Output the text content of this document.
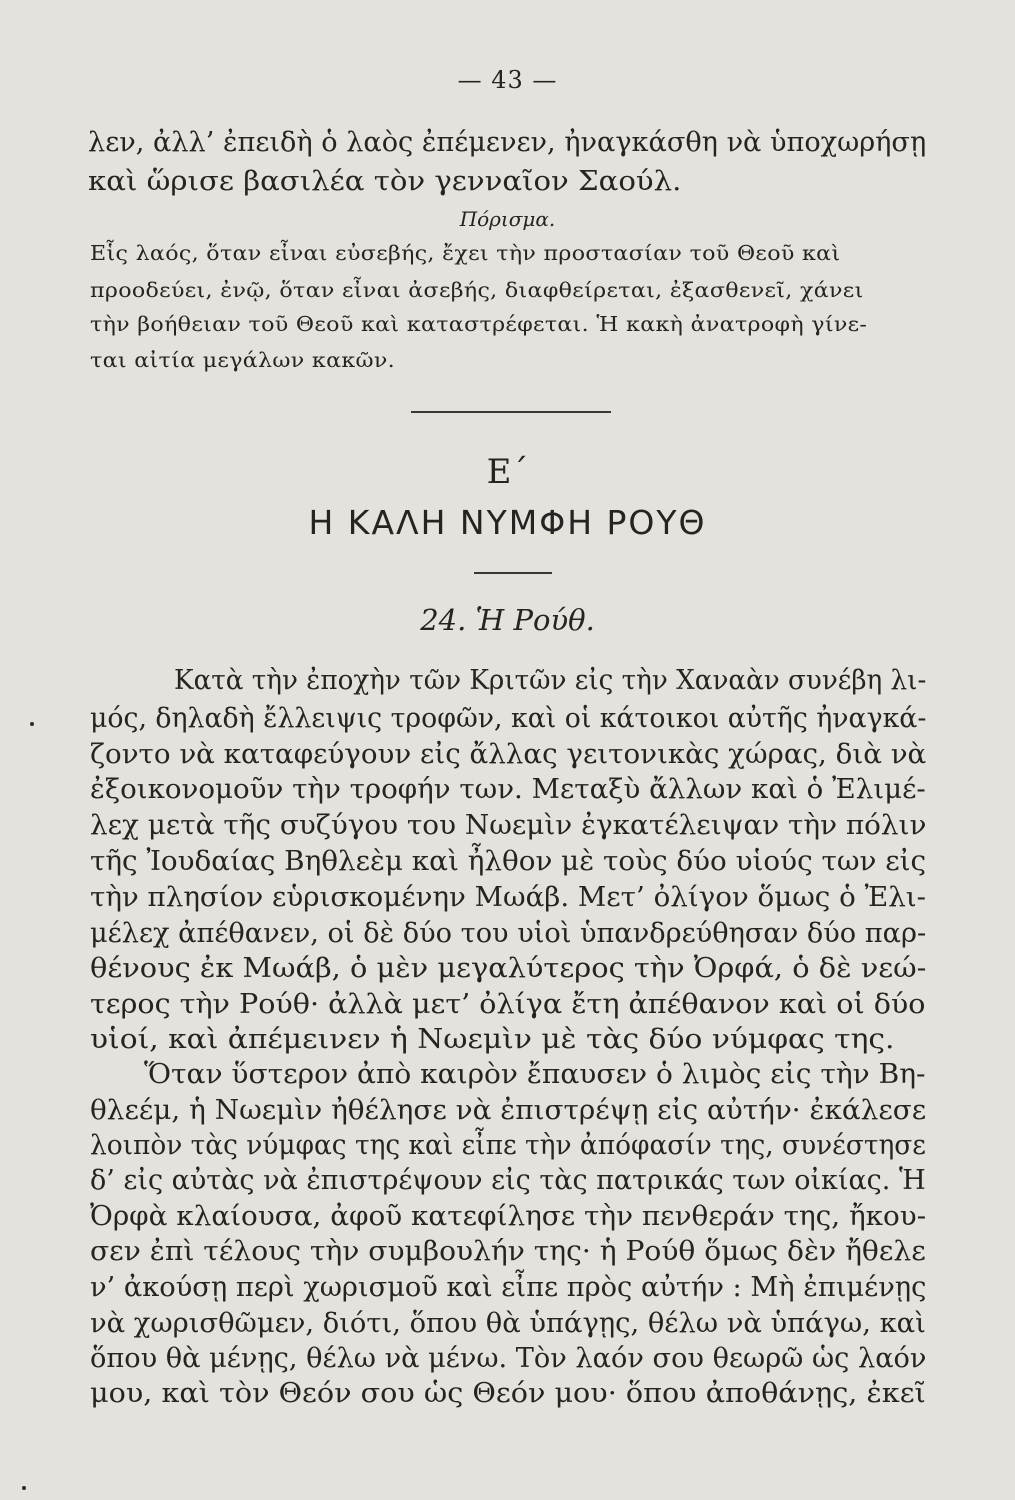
— 43 —
λεν, ἀλλ’ ἐπειδὴ ὁ λαὸς ἐπέμενεν, ἠναγκάσθη νὰ ὑποχωρήσῃ
καὶ ὥρισε βασιλέα τὸν γενναῖον Σαούλ.
Πόρισμα.
Εἷς λαός, ὅταν εἶναι εὐσεβής, ἔχει τὴν προστασίαν τοῦ Θεοῦ καὶ
προοδεύει, ἐνῷ, ὅταν εἶναι ἀσεβής, διαφθείρεται, ἐξασθενεῖ, χάνει
τὴν βοήθειαν τοῦ Θεοῦ καὶ καταστρέφεται. Ἡ κακὴ ἀνατροφὴ γίνε-
ται αἰτία μεγάλων κακῶν.
Ε΄
Η ΚΑΛΗ ΝΥΜΦΗ ΡΟΥΘ
24. Ἡ Ρούθ.
Κατὰ τὴν ἐποχὴν τῶν Κριτῶν εἰς τὴν Χαναὰν συνέβη λι-
μός, δηλαδὴ ἔλλειψις τροφῶν, καὶ οἱ κάτοικοι αὐτῆς ἠναγκά-
ζοντο νὰ καταφεύγουν εἰς ἄλλας γειτονικὰς χώρας, διὰ νὰ
ἐξοικονομοῦν τὴν τροφήν των. Μεταξὺ ἄλλων καὶ ὁ Ἐλιμέ-
λεχ μετὰ τῆς συζύγου του Νωεμὶν ἐγκατέλειψαν τὴν πόλιν
τῆς Ἰουδαίας Βηθλεὲμ καὶ ἦλθον μὲ τοὺς δύο υἱούς των εἰς
τὴν πλησίον εὑρισκομένην Μωάβ. Μετ’ ὀλίγον ὅμως ὁ Ἐλι-
μέλεχ ἀπέθανεν, οἱ δὲ δύο του υἱοὶ ὑπανδρεύθησαν δύο παρ-
θένους ἐκ Μωάβ, ὁ μὲν μεγαλύτερος τὴν Ὀρφά, ὁ δὲ νεώ-
τερος τὴν Ρούθ· ἀλλὰ μετ’ ὀλίγα ἔτη ἀπέθανον καὶ οἱ δύο
υἱοί, καὶ ἀπέμεινεν ἡ Νωεμὶν μὲ τὰς δύο νύμφας της.
Ὅταν ὕστερον ἀπὸ καιρὸν ἔπαυσεν ὁ λιμὸς εἰς τὴν Βη-
θλεέμ, ἡ Νωεμὶν ἠθέλησε νὰ ἐπιστρέψῃ εἰς αὐτήν· ἐκάλεσε
λοιπὸν τὰς νύμφας της καὶ εἶπε τὴν ἀπόφασίν της, συνέστησε
δ’ εἰς αὐτὰς νὰ ἐπιστρέψουν εἰς τὰς πατρικάς των οἰκίας. Ἡ
Ὀρφὰ κλαίουσα, ἀφοῦ κατεφίλησε τὴν πενθεράν της, ἤκου-
σεν ἐπὶ τέλους τὴν συμβουλήν της· ἡ Ρούθ ὅμως δὲν ἤθελε
ν’ ἀκούσῃ περὶ χωρισμοῦ καὶ εἶπε πρὸς αὐτήν : Μὴ ἐπιμένῃς
νὰ χωρισθῶμεν, διότι, ὅπου θὰ ὑπάγῃς, θέλω νὰ ὑπάγω, καὶ
ὅπου θὰ μένῃς, θέλω νὰ μένω. Τὸν λαόν σου θεωρῶ ὡς λαόν
μου, καὶ τὸν Θεόν σου ὡς Θεόν μου· ὅπου ἀποθάνῃς, ἐκεῖ
